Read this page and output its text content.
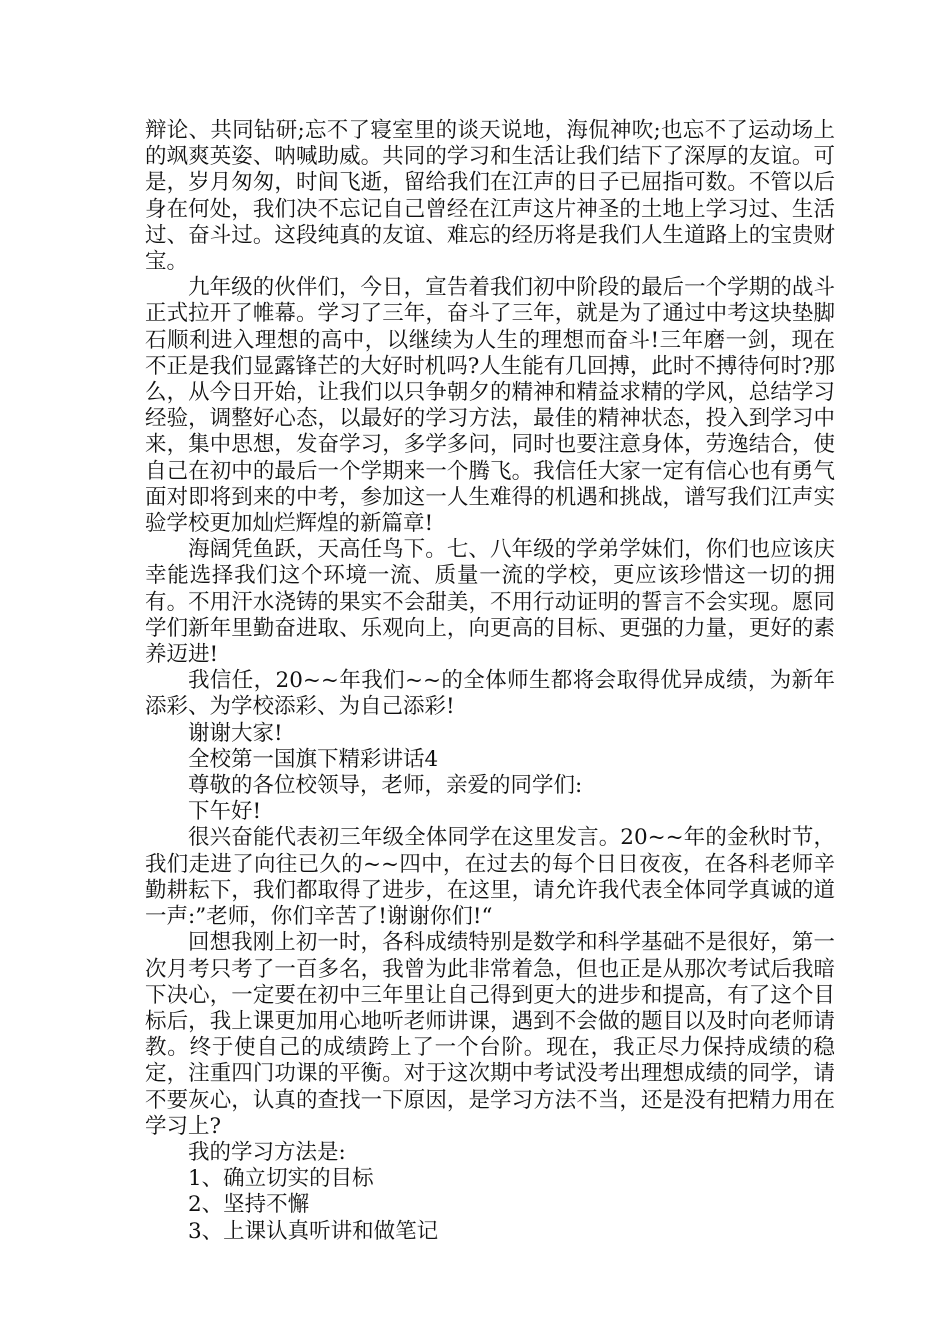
辩论、共同钻研;忘不了寝室里的谈天说地，海侃神吹;也忘不了运动场上的飒爽英姿、呐喊助威。共同的学习和生活让我们结下了深厚的友谊。可是，岁月匆匆，时间飞逝，留给我们在江声的日子已屈指可数。不管以后身在何处，我们决不忘记自己曾经在江声这片神圣的土地上学习过、生活过、奋斗过。这段纯真的友谊、难忘的经历将是我们人生道路上的宝贵财宝。

九年级的伙伴们，今日，宣告着我们初中阶段的最后一个学期的战斗正式拉开了帷幕。学习了三年，奋斗了三年，就是为了通过中考这块垫脚石顺利进入理想的高中，以继续为人生的理想而奋斗!三年磨一剑，现在不正是我们显露锋芒的大好时机吗?人生能有几回搏，此时不搏待何时?那么，从今日开始，让我们以只争朝夕的精神和精益求精的学风，总结学习经验，调整好心态，以最好的学习方法，最佳的精神状态，投入到学习中来，集中思想，发奋学习，多学多问，同时也要注意身体，劳逸结合，使自己在初中的最后一个学期来一个腾飞。我信任大家一定有信心也有勇气面对即将到来的中考，参加这一人生难得的机遇和挑战，谱写我们江声实验学校更加灿烂辉煌的新篇章!

海阔凭鱼跃，天高任鸟下。七、八年级的学弟学妹们，你们也应该庆幸能选择我们这个环境一流、质量一流的学校，更应该珍惜这一切的拥有。不用汗水浇铸的果实不会甜美，不用行动证明的誓言不会实现。愿同学们新年里勤奋进取、乐观向上，向更高的目标、更强的力量，更好的素养迈进!

我信任，20~~年我们~~的全体师生都将会取得优异成绩，为新年添彩、为学校添彩、为自己添彩!

谢谢大家!

全校第一国旗下精彩讲话4

尊敬的各位校领导，老师，亲爱的同学们:

下午好!

很兴奋能代表初三年级全体同学在这里发言。20~~年的金秋时节，我们走进了向往已久的~~四中，在过去的每个日日夜夜，在各科老师辛勤耕耘下，我们都取得了进步，在这里，请允许我代表全体同学真诚的道一声:”老师，你们辛苦了!谢谢你们!“

回想我刚上初一时，各科成绩特别是数学和科学基础不是很好，第一次月考只考了一百多名，我曾为此非常着急，但也正是从那次考试后我暗下决心，一定要在初中三年里让自己得到更大的进步和提高，有了这个目标后，我上课更加用心地听老师讲课，遇到不会做的题目以及时向老师请教。终于使自己的成绩跨上了一个台阶。现在，我正尽力保持成绩的稳定，注重四门功课的平衡。对于这次期中考试没考出理想成绩的同学，请不要灰心，认真的查找一下原因，是学习方法不当，还是没有把精力用在学习上?

我的学习方法是:

1、确立切实的目标

2、坚持不懈

3、上课认真听讲和做笔记
